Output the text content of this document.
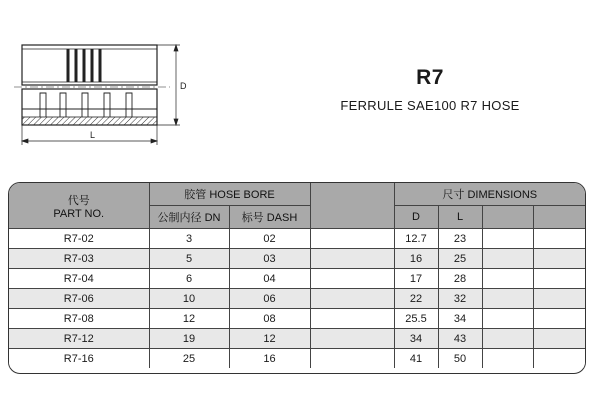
D
L
R7
FERRULE SAE100 R7 HOSE
代号
PART NO.	胶管 HOSE BORE			尺寸 DIMENSIONS			
	公制内径 DN	标号 DASH		D	L		
R7-02	3	02		12.7	23		
R7-03	5	03		16	25		
R7-04	6	04		17	28		
R7-06	10	06		22	32		
R7-08	12	08		25.5	34		
R7-12	19	12		34	43		
R7-16	25	16		41	50		
